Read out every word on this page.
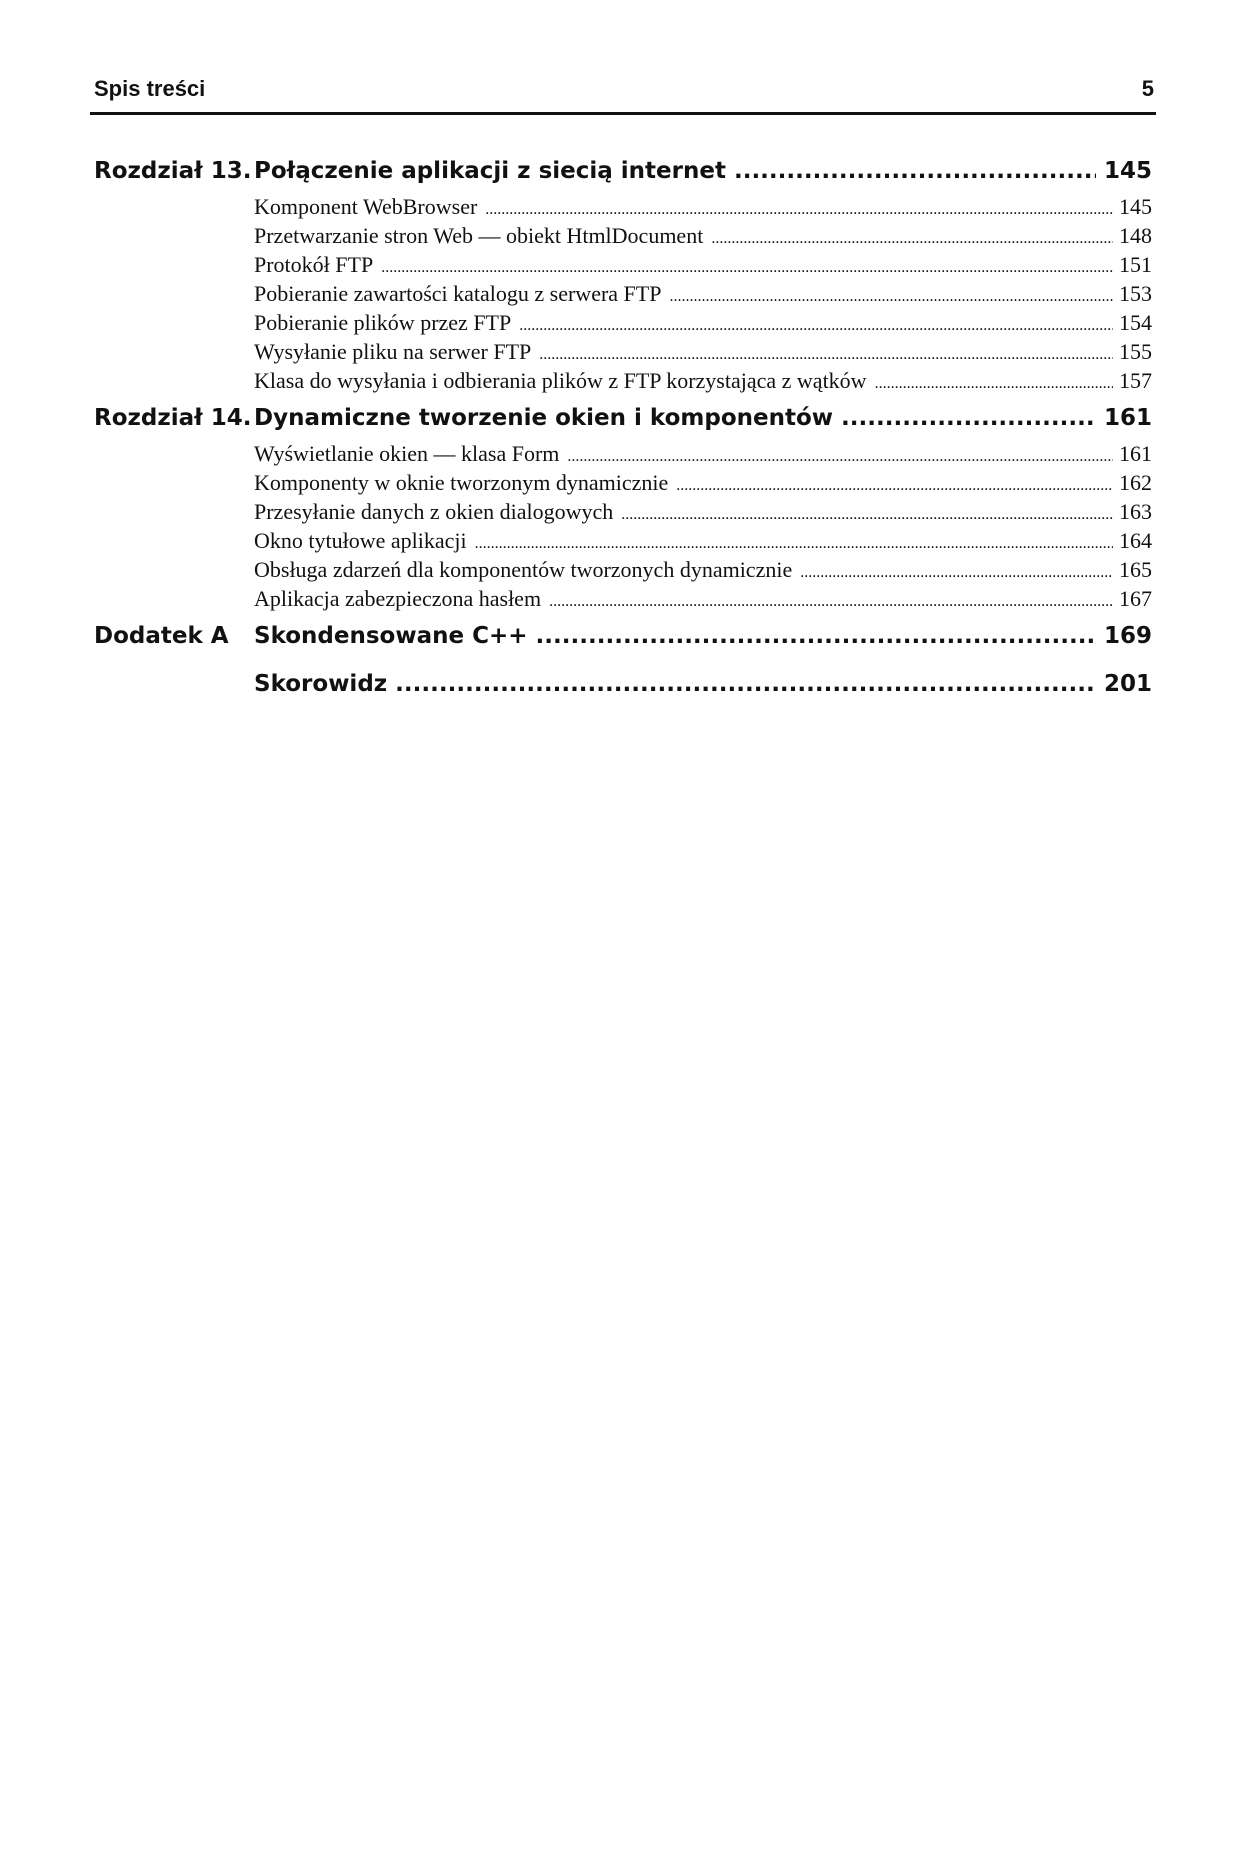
Spis treści	5
Rozdział 13. Połączenie aplikacji z siecią internet . . .	145
Komponent WebBrowser . . .	145
Przetwarzanie stron Web — obiekt HtmlDocument . . .	148
Protokół FTP . . .	151
Pobieranie zawartości katalogu z serwera FTP . . .	153
Pobieranie plików przez FTP . . .	154
Wysyłanie pliku na serwer FTP . . .	155
Klasa do wysyłania i odbierania plików z FTP korzystająca z wątków . . .	157
Rozdział 14. Dynamiczne tworzenie okien i komponentów . . .	161
Wyświetlanie okien — klasa Form . . .	161
Komponenty w oknie tworzonym dynamicznie . . .	162
Przesyłanie danych z okien dialogowych . . .	163
Okno tytułowe aplikacji . . .	164
Obsługa zdarzeń dla komponentów tworzonych dynamicznie . . .	165
Aplikacja zabezpieczona hasłem . . .	167
Dodatek A	Skondensowane C++ . . .	169
Skorowidz . . .	201
